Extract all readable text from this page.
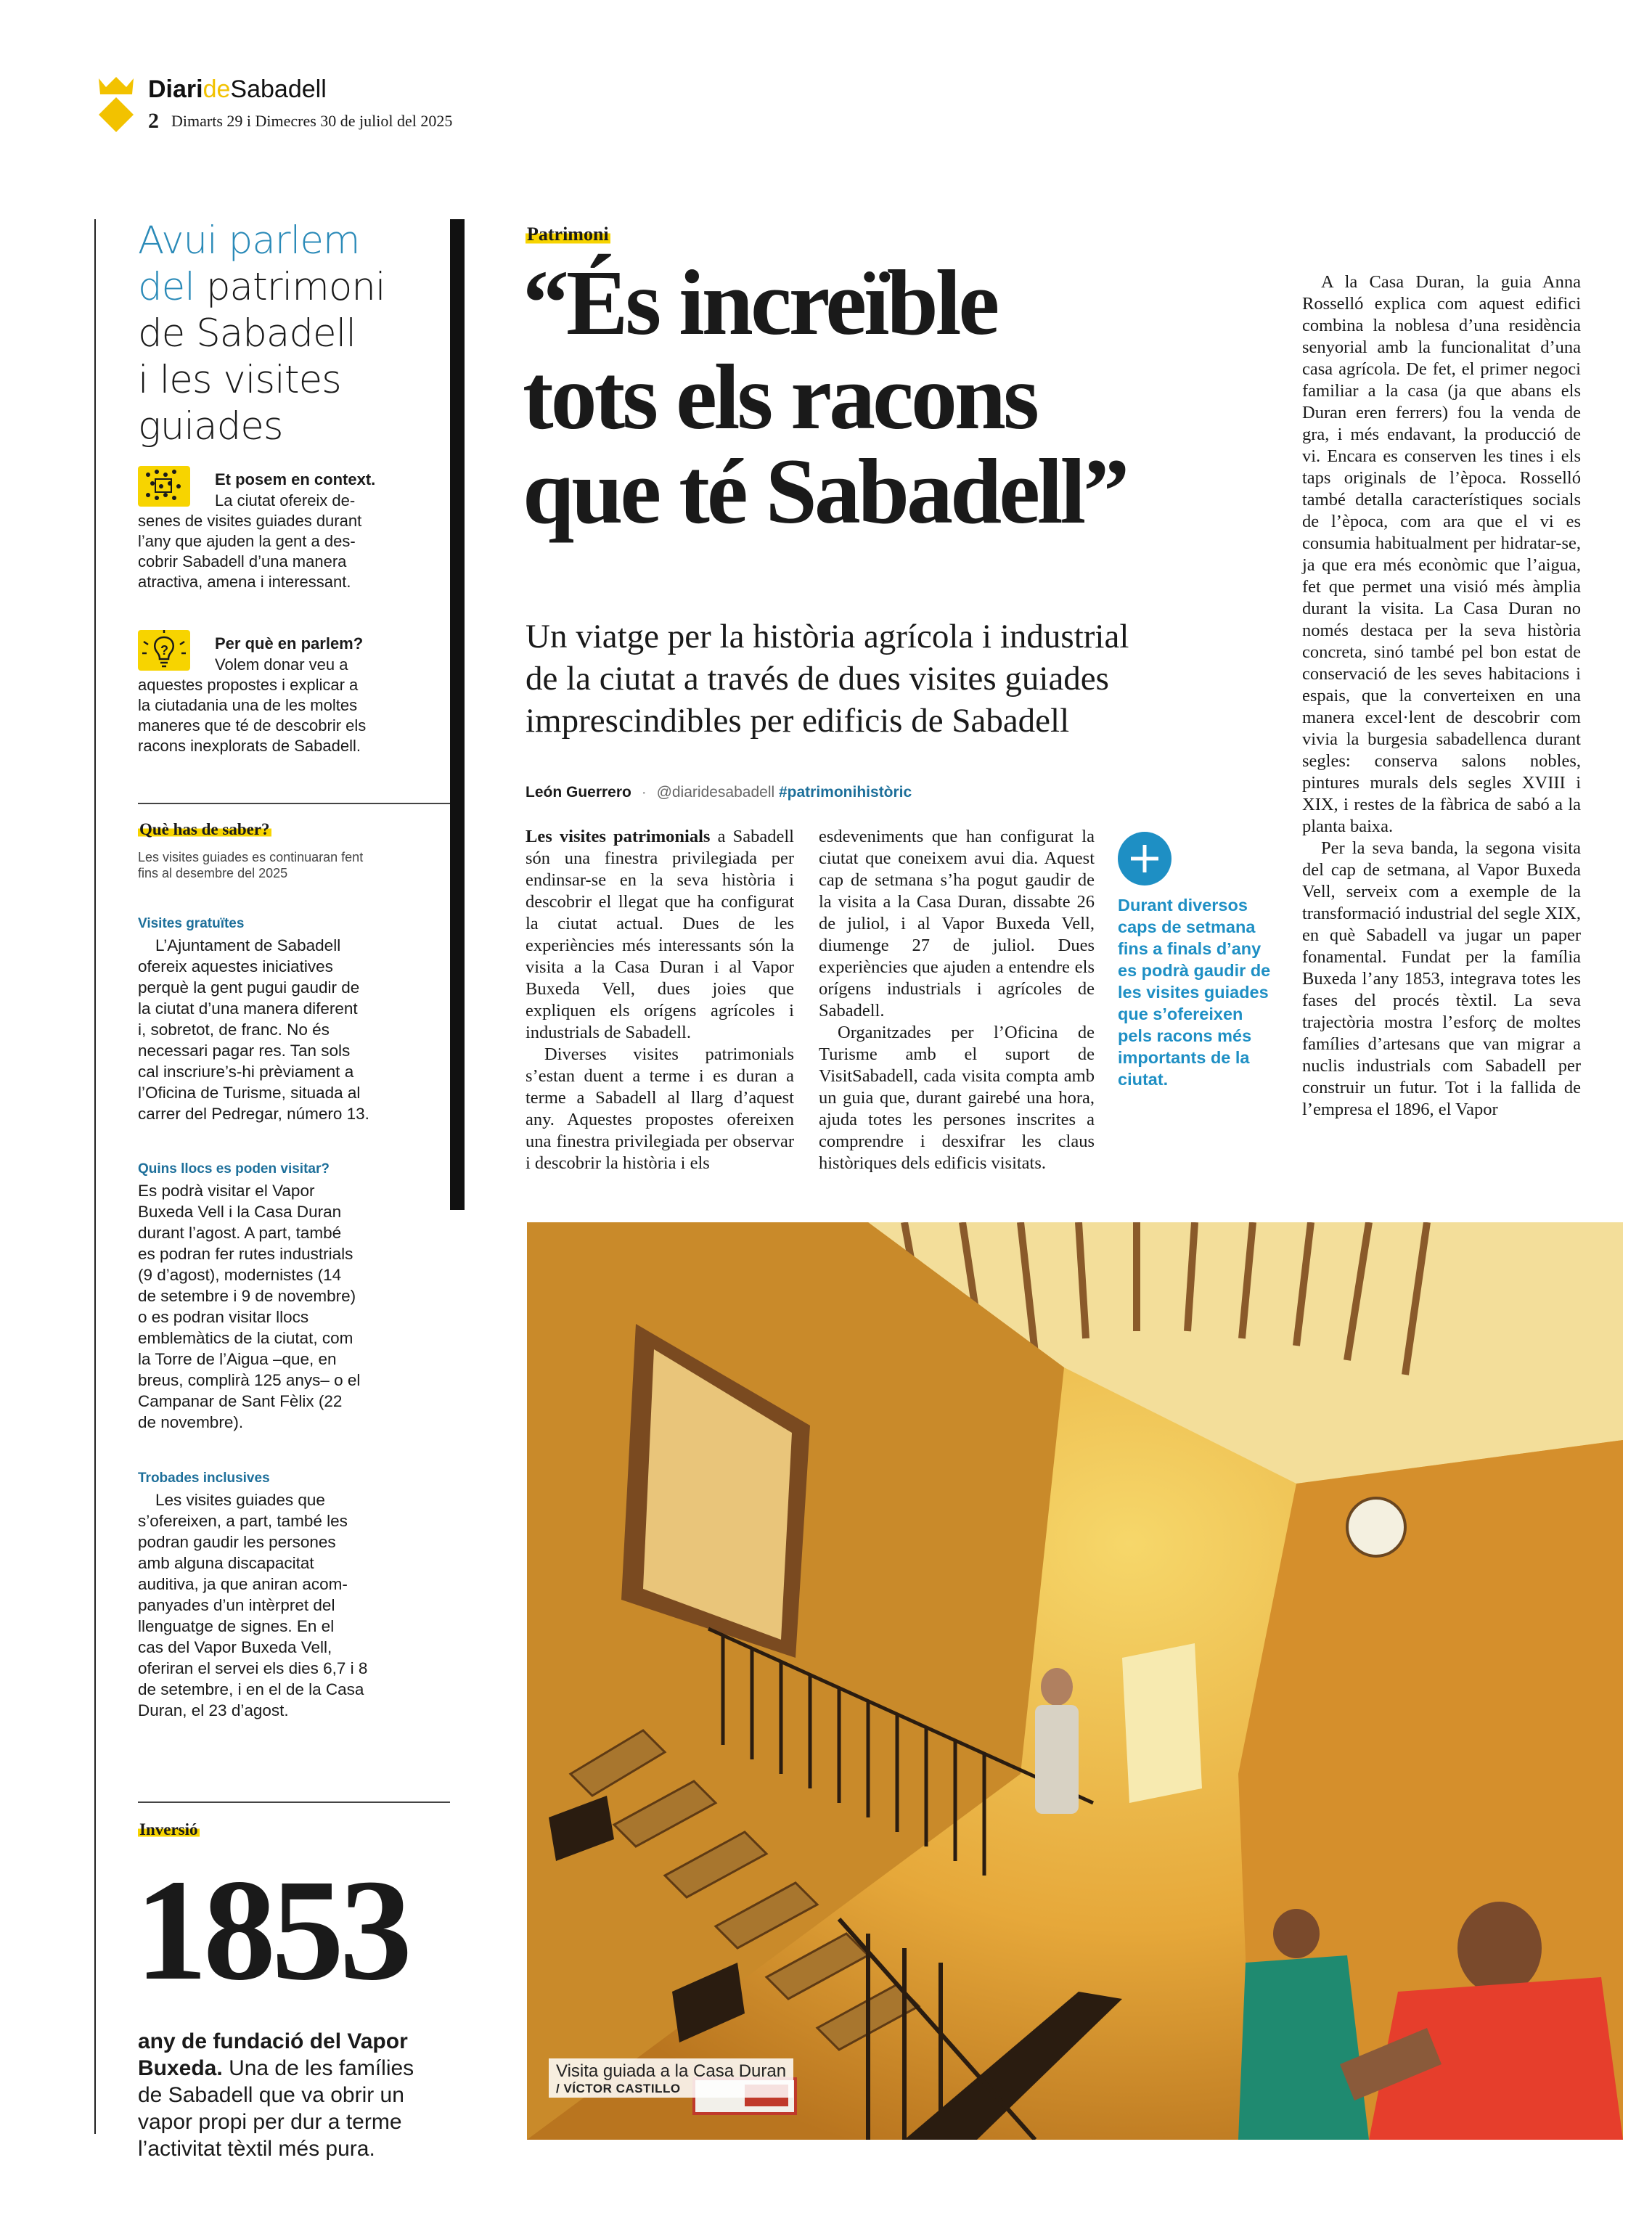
DiarideSabadell
2 Dimarts 29 i Dimecres 30 de juliol del 2025
Avui parlem
del patrimoni
de Sabadell
i les visites
guiades
Et posem en context.
La ciutat ofereix de-
senes de visites guiades durant
l’any que ajuden la gent a des-
cobrir Sabadell d’una manera
atractiva, amena i interessant.
?	Per què en parlem?
Volem donar veu a
aquestes propostes i explicar a
la ciutadania una de les moltes
maneres que té de descobrir els
racons inexplorats de Sabadell.
Què has de saber?
Les visites guiades es continuaran fent
fins al desembre del 2025
Visites gratuïtes
L’Ajuntament de Sabadell
ofereix aquestes iniciatives
perquè la gent pugui gaudir de
la ciutat d’una manera diferent
i, sobretot, de franc. No és
necessari pagar res. Tan sols
cal inscriure’s-hi prèviament a
l’Oficina de Turisme, situada al
carrer del Pedregar, número 13.
Quins llocs es poden visitar?
Es podrà visitar el Vapor
Buxeda Vell i la Casa Duran
durant l’agost. A part, també
es podran fer rutes industrials
(9 d’agost), modernistes (14
de setembre i 9 de novembre)
o es podran visitar llocs
emblemàtics de la ciutat, com
la Torre de l’Aigua –que, en
breus, complirà 125 anys– o el
Campanar de Sant Fèlix (22
de novembre).
Trobades inclusives
Les visites guiades que
s’ofereixen, a part, també les
podran gaudir les persones
amb alguna discapacitat
auditiva, ja que aniran acom-
panyades d’un intèrpret del
llenguatge de signes. En el
cas del Vapor Buxeda Vell,
oferiran el servei els dies 6,7 i 8
de setembre, i en el de la Casa
Duran, el 23 d’agost.
Inversió
1853
any de fundació del Vapor
Buxeda. Una de les famílies
de Sabadell que va obrir un
vapor propi per dur a terme
l’activitat tèxtil més pura.
Patrimoni
“És increïble
tots els racons
que té Sabadell”
Un viatge per la història agrícola i industrial
de la ciutat a través de dues visites guiades
imprescindibles per edificis de Sabadell
León Guerrero · @diaridesabadell #patrimonihistòric

Les visites patrimonials a Sabadell són una finestra privilegiada per endinsar-se en la seva història i descobrir el llegat que ha configurat la ciutat actual. Dues de les experiències més interessants són la visita a la Casa Duran i al Vapor Buxeda Vell, dues joies que expliquen els orígens agrícoles i industrials de Sabadell.

Diverses visites patrimonials s’estan duent a terme i es duran a terme a Sabadell al llarg d’aquest any. Aquestes propostes ofereixen una finestra privilegiada per observar i descobrir la història i els

esdeveniments que han configurat la ciutat que coneixem avui dia. Aquest cap de setmana s’ha pogut gaudir de la visita a la Casa Duran, dissabte 26 de juliol, i al Vapor Buxeda Vell, diumenge 27 de juliol. Dues experiències que ajuden a entendre els orígens industrials i agrícoles de Sabadell.

Organitzades per l’Oficina de Turisme amb el suport de VisitSabadell, cada visita compta amb un guia que, durant gairebé una hora, ajuda totes les persones inscrites a comprendre i desxifrar les claus històriques dels edificis visitats.

Durant diversos caps de setmana fins a finals d’any es podrà gaudir de les visites guiades que s’ofereixen pels racons més importants de la ciutat.

A la Casa Duran, la guia Anna Rosselló explica com aquest edifici combina la noblesa d’una residència senyorial amb la funcionalitat d’una casa agrícola. De fet, el primer negoci familiar a la casa (ja que abans els Duran eren ferrers) fou la venda de gra, i més endavant, la producció de vi. Encara es conserven les tines i els taps originals de l’època. Rosselló també detalla característiques socials de l’època, com ara que el vi es consumia habitualment per hidratar-se, ja que era més econòmic que l’aigua, fet que permet una visió més àmplia durant la visita. La Casa Duran no només destaca per la seva història concreta, sinó també pel bon estat de conservació de les seves habitacions i espais, que la converteixen en una manera excel·lent de descobrir com vivia la burgesia sabadellenca durant segles: conserva salons nobles, pintures murals dels segles XVIII i XIX, i restes de la fàbrica de sabó a la planta baixa.

Per la seva banda, la segona visita del cap de setmana, al Vapor Buxeda Vell, serveix com a exemple de la transformació industrial del segle XIX, en què Sabadell va jugar un paper fonamental. Fundat per la família Buxeda l’any 1853, integrava totes les fases del procés tèxtil. La seva trajectòria mostra l’esforç de moltes famílies d’artesans que van migrar a nuclis industrials com Sabadell per construir un futur. Tot i la fallida de l’empresa el 1896, el Vapor

Visita guiada a la Casa Duran
/ VÍCTOR CASTILLO
